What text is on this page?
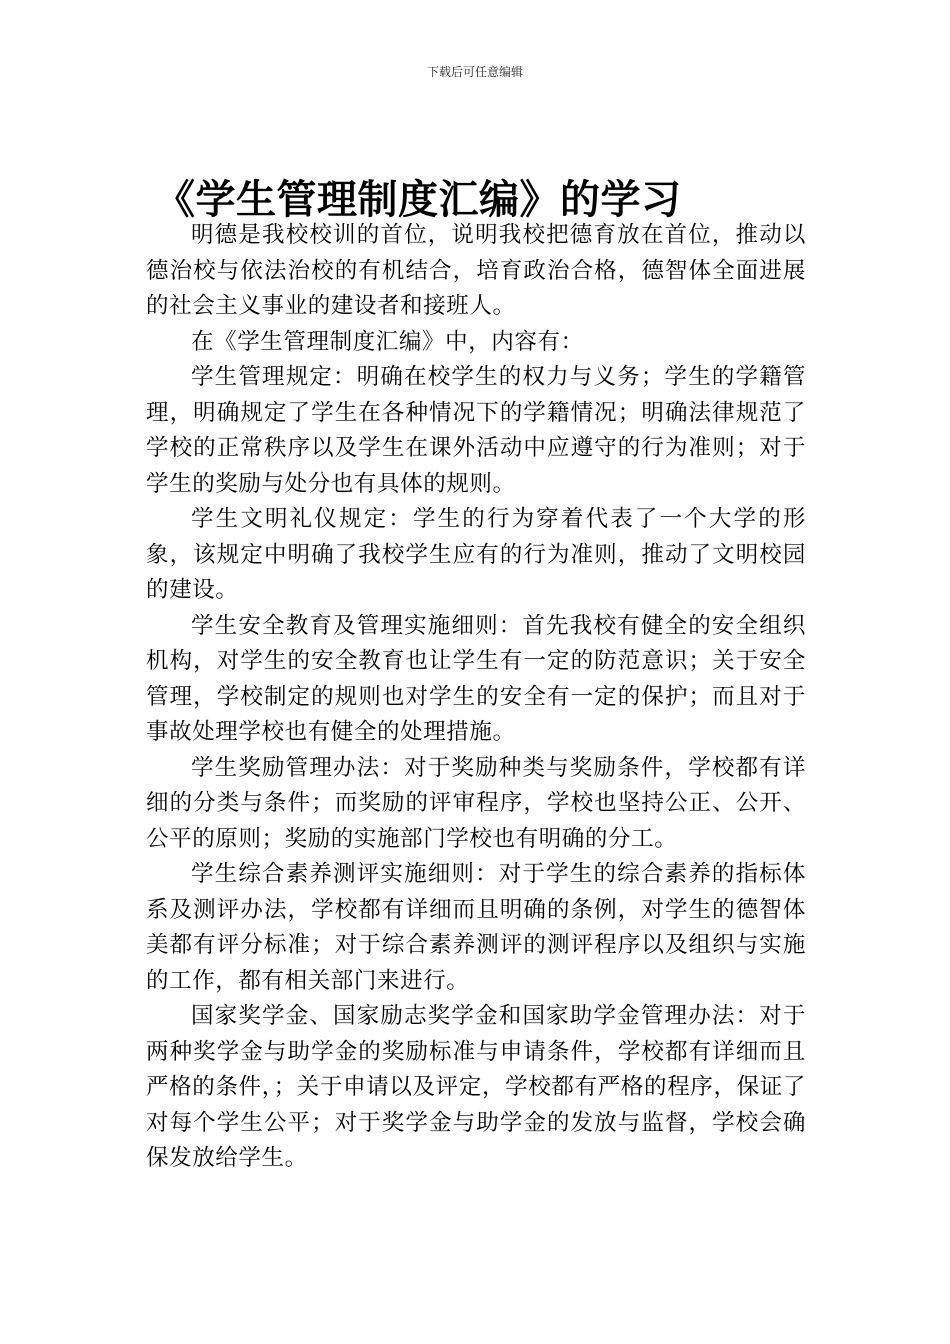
下载后可任意编辑
《学生管理制度汇编》的学习

明德是我校校训的首位，说明我校把德育放在首位，推动以德治校与依法治校的有机结合，培育政治合格，德智体全面进展的社会主义事业的建设者和接班人。

在《学生管理制度汇编》中，内容有：

学生管理规定：明确在校学生的权力与义务；学生的学籍管理，明确规定了学生在各种情况下的学籍情况；明确法律规范了学校的正常秩序以及学生在课外活动中应遵守的行为准则；对于学生的奖励与处分也有具体的规则。

学生文明礼仪规定：学生的行为穿着代表了一个大学的形象，该规定中明确了我校学生应有的行为准则，推动了文明校园的建设。

学生安全教育及管理实施细则：首先我校有健全的安全组织机构，对学生的安全教育也让学生有一定的防范意识；关于安全管理，学校制定的规则也对学生的安全有一定的保护；而且对于事故处理学校也有健全的处理措施。

学生奖励管理办法：对于奖励种类与奖励条件，学校都有详细的分类与条件；而奖励的评审程序，学校也坚持公正、公开、公平的原则；奖励的实施部门学校也有明确的分工。

学生综合素养测评实施细则：对于学生的综合素养的指标体系及测评办法，学校都有详细而且明确的条例，对学生的德智体美都有评分标准；对于综合素养测评的测评程序以及组织与实施的工作，都有相关部门来进行。

国家奖学金、国家励志奖学金和国家助学金管理办法：对于两种奖学金与助学金的奖励标准与申请条件，学校都有详细而且严格的条件，；关于申请以及评定，学校都有严格的程序，保证了对每个学生公平；对于奖学金与助学金的发放与监督，学校会确保发放给学生。
